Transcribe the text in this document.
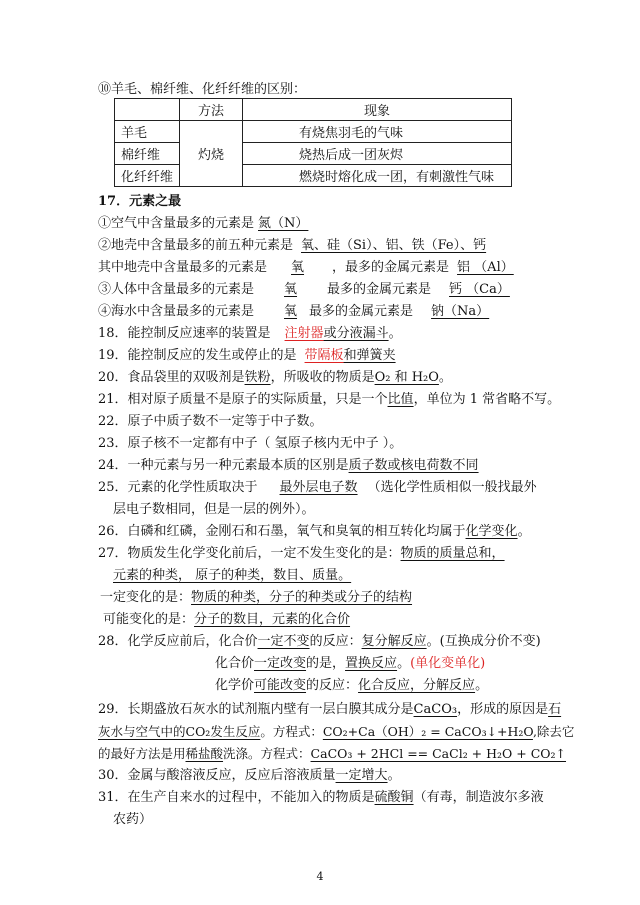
⑩羊毛、棉纤维、化纤纤维的区别：
	方法	现象
羊毛	灼烧	有烧焦羽毛的气味
棉纤维		烧热后成一团灰烬
化纤纤维		燃烧时熔化成一团，有刺激性气味
17．元素之最
①空气中含量最多的元素是 氮（N）
②地壳中含量最多的前五种元素是 氧、硅（Si）、铝、铁（Fe）、钙
其中地壳中含量最多的元素是 氧 ，最多的金属元素是 铝 （Al）
③人体中含量最多的元素是 氧 最多的金属元素是 钙 （Ca）
④海水中含量最多的元素是 氧 最多的金属元素是 钠（Na）
18．能控制反应速率的装置是 注射器或分液漏斗。
19．能控制反应的发生或停止的是 带隔板和弹簧夹
20．食品袋里的双吸剂是铁粉，所吸收的物质是O₂ 和 H₂O。
21．相对原子质量不是原子的实际质量，只是一个比值，单位为 1 常省略不写。
22．原子中质子数不一定等于中子数。
23．原子核不一定都有中子（ 氢原子核内无中子 ）。
24．一种元素与另一种元素最本质的区别是质子数或核电荷数不同
25．元素的化学性质取决于 最外层电子数 （选化学性质相似一般找最外
层电子数相同，但是一层的例外）。
26．白磷和红磷，金刚石和石墨，氧气和臭氧的相互转化均属于化学变化。
27．物质发生化学变化前后，一定不发生变化的是：物质的质量总和，
元素的种类， 原子的种类，数目、质量。
一定变化的是：物质的种类，分子的种类或分子的结构
可能变化的是：分子的数目，元素的化合价
28．化学反应前后，化合价一定不变的反应：复分解反应。(互换成分价不变)
化合价一定改变的是，置换反应。(单化变单化)
化学价可能改变的反应：化合反应，分解反应。
29．长期盛放石灰水的试剂瓶内壁有一层白膜其成分是CaCO₃，形成的原因是石
灰水与空气中的CO₂发生反应。方程式：CO₂+Ca（OH）₂ = CaCO₃↓+H₂O,除去它
的最好方法是用稀盐酸洗涤。方程式：CaCO₃ + 2HCl == CaCl₂ + H₂O + CO₂↑
30．金属与酸溶液反应，反应后溶液质量一定增大。
31．在生产自来水的过程中，不能加入的物质是硫酸铜（有毒，制造波尔多液
农药）
4
